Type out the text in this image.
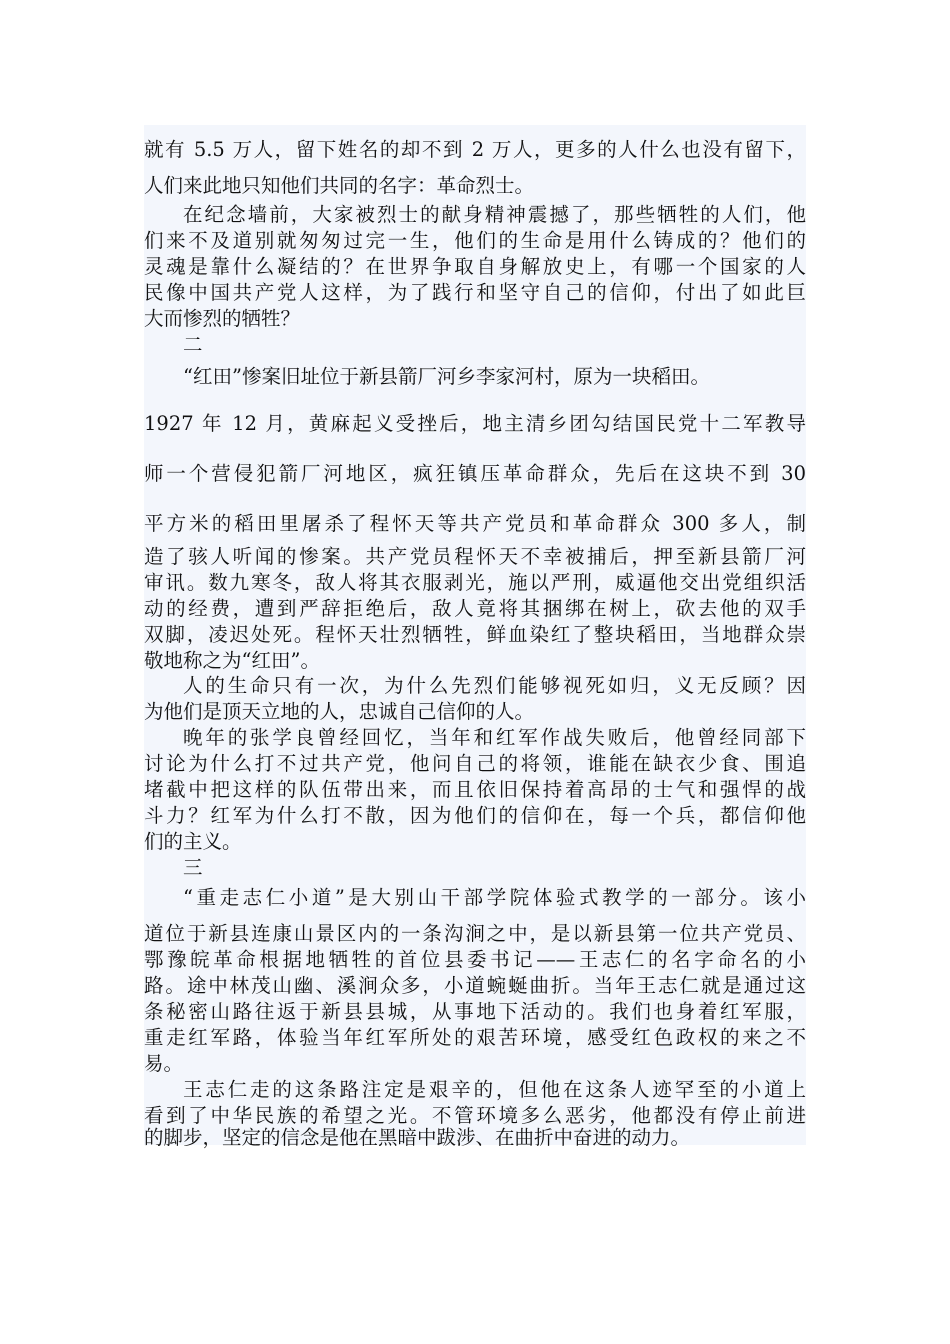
就有 5.5 万人，留下姓名的却不到 2 万人，更多的人什么也没有留下，
人们来此地只知他们共同的名字：革命烈士。
在纪念墙前，大家被烈士的献身精神震撼了，那些牺牲的人们，他
们来不及道别就匆匆过完一生，他们的生命是用什么铸成的？他们的
灵魂是靠什么凝结的？在世界争取自身解放史上，有哪一个国家的人
民像中国共产党人这样，为了践行和坚守自己的信仰，付出了如此巨
大而惨烈的牺牲？
二
“红田”惨案旧址位于新县箭厂河乡李家河村，原为一块稻田。
1927 年 12 月，黄麻起义受挫后，地主清乡团勾结国民党十二军教导
师一个营侵犯箭厂河地区，疯狂镇压革命群众，先后在这块不到 30
平方米的稻田里屠杀了程怀天等共产党员和革命群众 300 多人，制
造了骇人听闻的惨案。共产党员程怀天不幸被捕后，押至新县箭厂河
审讯。数九寒冬，敌人将其衣服剥光，施以严刑，威逼他交出党组织活
动的经费，遭到严辞拒绝后，敌人竟将其捆绑在树上，砍去他的双手
双脚，凌迟处死。程怀天壮烈牺牲，鲜血染红了整块稻田，当地群众崇
敬地称之为“红田”。
人的生命只有一次，为什么先烈们能够视死如归，义无反顾？因
为他们是顶天立地的人，忠诚自己信仰的人。
晚年的张学良曾经回忆，当年和红军作战失败后，他曾经同部下
讨论为什么打不过共产党，他问自己的将领，谁能在缺衣少食、围追
堵截中把这样的队伍带出来，而且依旧保持着高昂的士气和强悍的战
斗力？红军为什么打不散，因为他们的信仰在，每一个兵，都信仰他
们的主义。
三
“重走志仁小道”是大别山干部学院体验式教学的一部分。该小
道位于新县连康山景区内的一条沟涧之中，是以新县第一位共产党员、
鄂豫皖革命根据地牺牲的首位县委书记——王志仁的名字命名的小
路。途中林茂山幽、溪涧众多，小道蜿蜒曲折。当年王志仁就是通过这
条秘密山路往返于新县县城，从事地下活动的。我们也身着红军服，
重走红军路，体验当年红军所处的艰苦环境，感受红色政权的来之不
易。
王志仁走的这条路注定是艰辛的，但他在这条人迹罕至的小道上
看到了中华民族的希望之光。不管环境多么恶劣，他都没有停止前进
的脚步，坚定的信念是他在黑暗中跋涉、在曲折中奋进的动力。
